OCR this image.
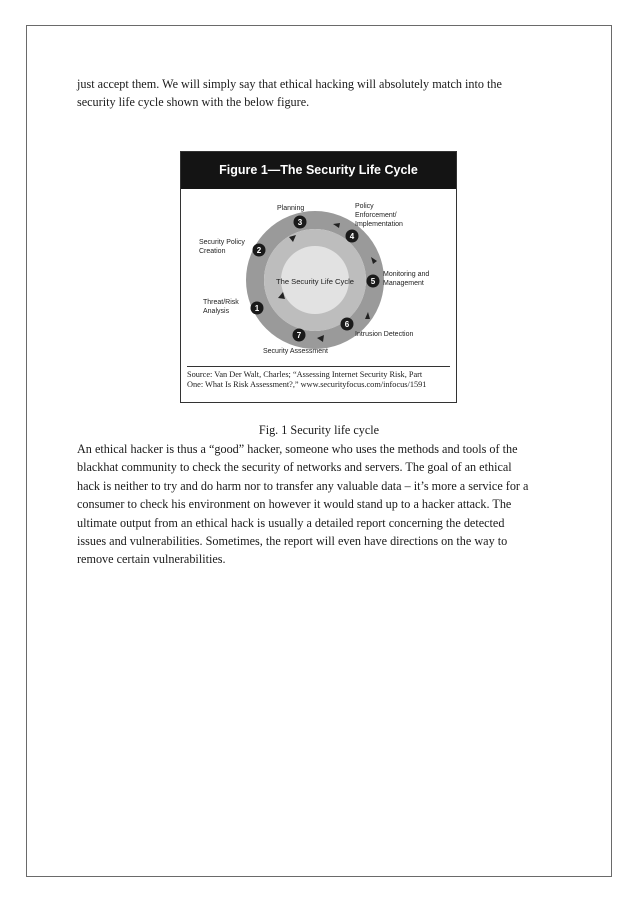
just accept them. We will simply say that ethical hacking will absolutely match into the
security life cycle shown with the below figure.

Figure 1—The Security Life Cycle

The Security Life Cycle
1
2
3
4
5
6
7
Threat/Risk Analysis
Security Policy Creation
Planning	Policy Enforcement/ Implementation
Monitoring and Management
Intrusion Detection
Security Assessment

Source: Van Der Walt, Charles; “Assessing Internet Security Risk, Part
One: What Is Risk Assessment?,” www.securityfocus.com/infocus/1591

Fig. 1 Security life cycle

An ethical hacker is thus a “good” hacker, someone who uses the methods and tools of the
blackhat community to check the security of networks and servers. The goal of an ethical
hack is neither to try and do harm nor to transfer any valuable data – it’s more a service for a
consumer to check his environment on however it would stand up to a hacker attack. The
ultimate output from an ethical hack is usually a detailed report concerning the detected
issues and vulnerabilities. Sometimes, the report will even have directions on the way to
remove certain vulnerabilities.
